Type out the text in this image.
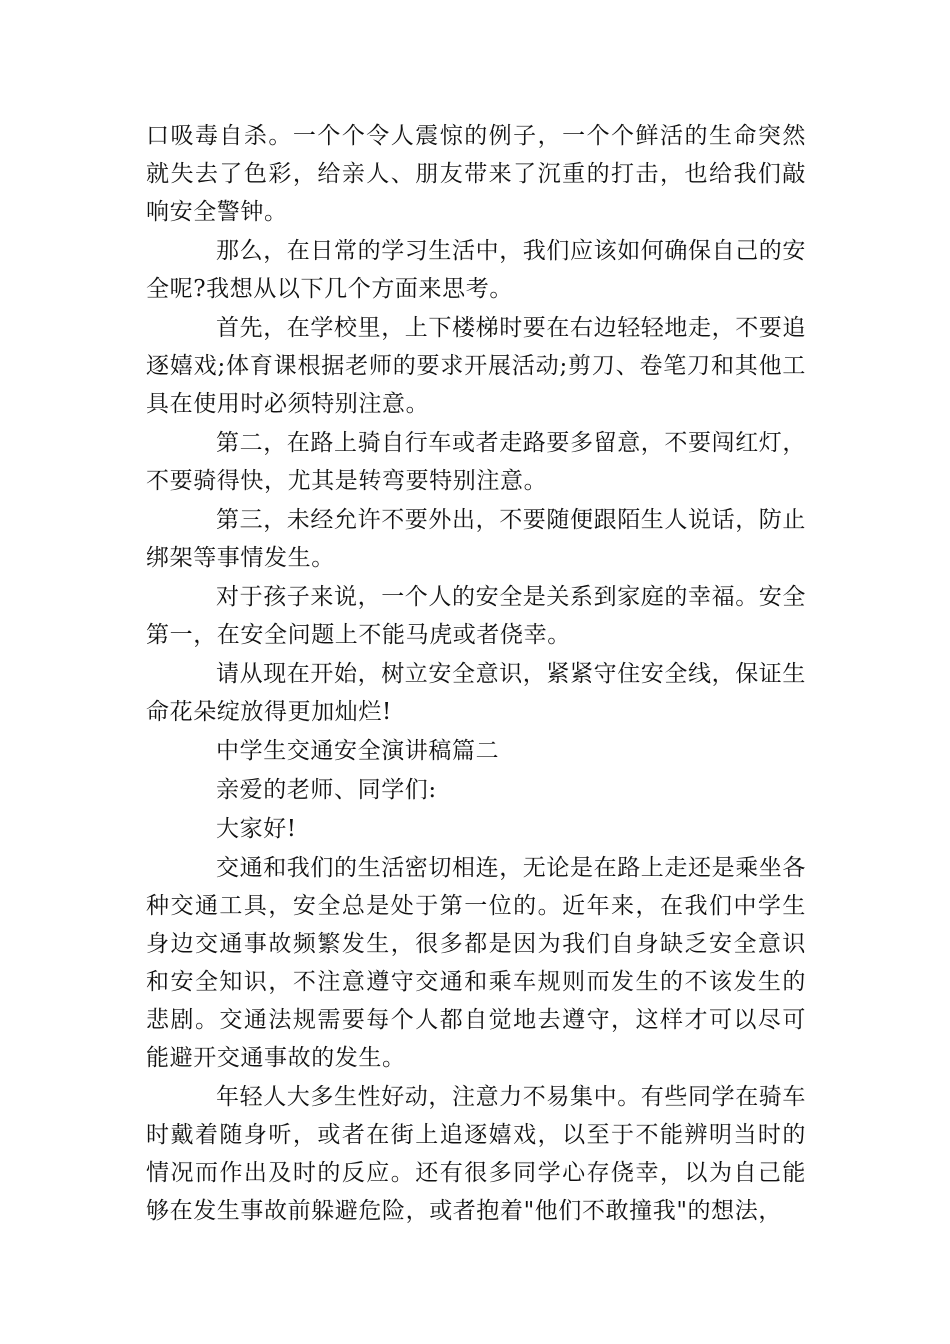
口吸毒自杀。一个个令人震惊的例子，一个个鲜活的生命突然就失去了色彩，给亲人、朋友带来了沉重的打击，也给我们敲响安全警钟。

那么，在日常的学习生活中，我们应该如何确保自己的安全呢?我想从以下几个方面来思考。

首先，在学校里，上下楼梯时要在右边轻轻地走，不要追逐嬉戏;体育课根据老师的要求开展活动;剪刀、卷笔刀和其他工具在使用时必须特别注意。

第二，在路上骑自行车或者走路要多留意，不要闯红灯，不要骑得快，尤其是转弯要特别注意。

第三，未经允许不要外出，不要随便跟陌生人说话，防止绑架等事情发生。

对于孩子来说，一个人的安全是关系到家庭的幸福。安全第一，在安全问题上不能马虎或者侥幸。

请从现在开始，树立安全意识，紧紧守住安全线，保证生命花朵绽放得更加灿烂!

中学生交通安全演讲稿篇二

亲爱的老师、同学们:

大家好!

交通和我们的生活密切相连，无论是在路上走还是乘坐各种交通工具，安全总是处于第一位的。近年来，在我们中学生身边交通事故频繁发生，很多都是因为我们自身缺乏安全意识和安全知识，不注意遵守交通和乘车规则而发生的不该发生的悲剧。交通法规需要每个人都自觉地去遵守，这样才可以尽可能避开交通事故的发生。

年轻人大多生性好动，注意力不易集中。有些同学在骑车时戴着随身听，或者在街上追逐嬉戏，以至于不能辨明当时的情况而作出及时的反应。还有很多同学心存侥幸，以为自己能够在发生事故前躲避危险，或者抱着"他们不敢撞我"的想法，
